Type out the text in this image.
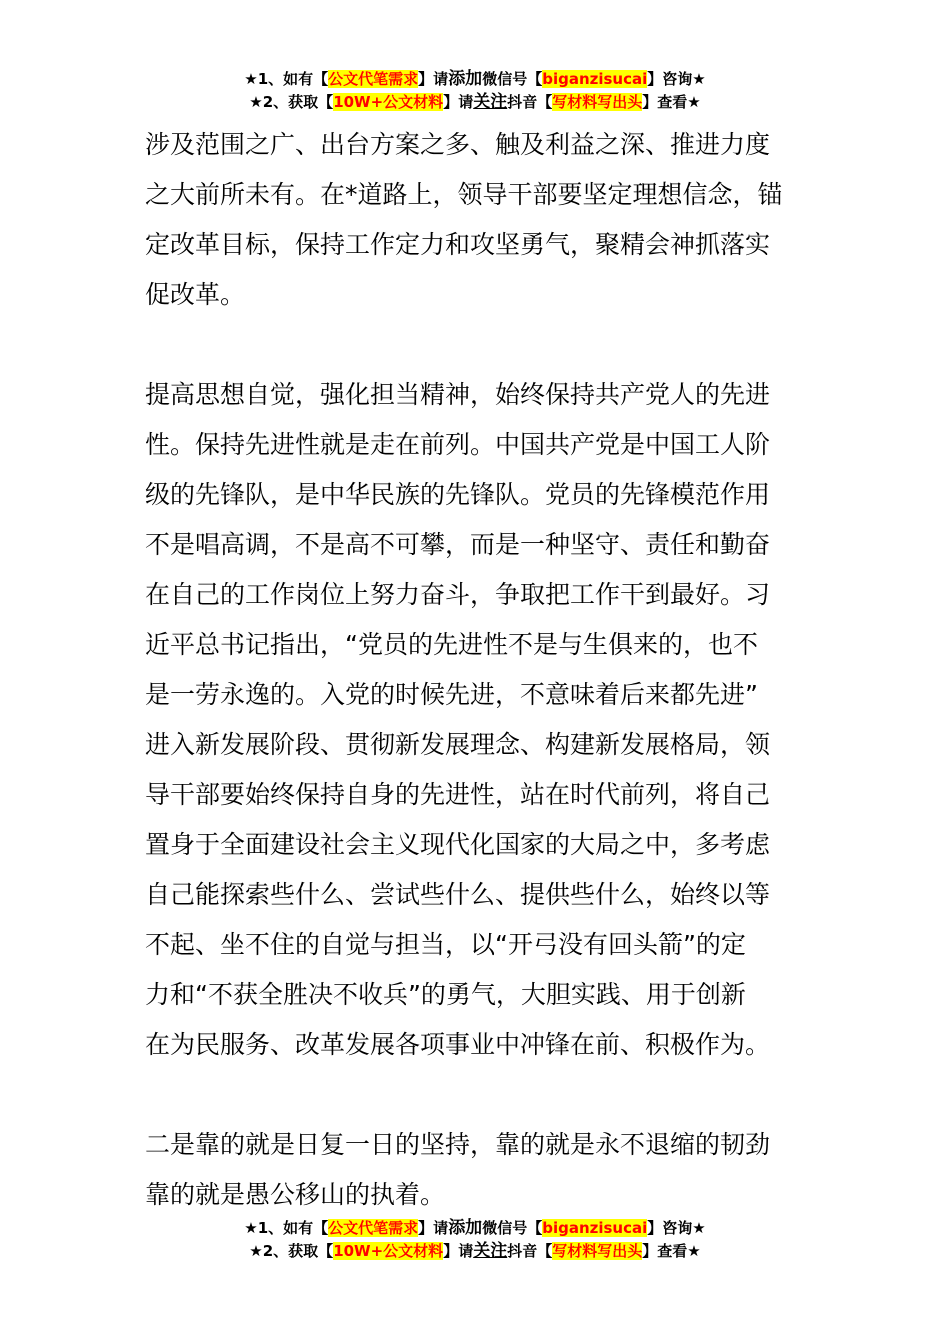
★1、如有【公文代笔需求】请添加微信号【biganzisucai】咨询★
★2、获取【10W+公文材料】请关注抖音【写材料写出头】查看★

涉及范围之广、出台方案之多、触及利益之深、推进力度
之大前所未有。在*道路上，领导干部要坚定理想信念，锚
定改革目标，保持工作定力和攻坚勇气，聚精会神抓落实
促改革。

提高思想自觉，强化担当精神，始终保持共产党人的先进
性。保持先进性就是走在前列。中国共产党是中国工人阶
级的先锋队，是中华民族的先锋队。党员的先锋模范作用
不是唱高调，不是高不可攀，而是一种坚守、责任和勤奋
在自己的工作岗位上努力奋斗，争取把工作干到最好。习
近平总书记指出，“党员的先进性不是与生俱来的，也不
是一劳永逸的。入党的时候先进，不意味着后来都先进”
进入新发展阶段、贯彻新发展理念、构建新发展格局，领
导干部要始终保持自身的先进性，站在时代前列，将自己
置身于全面建设社会主义现代化国家的大局之中，多考虑
自己能探索些什么、尝试些什么、提供些什么，始终以等
不起、坐不住的自觉与担当，以“开弓没有回头箭”的定
力和“不获全胜决不收兵”的勇气，大胆实践、用于创新
在为民服务、改革发展各项事业中冲锋在前、积极作为。

二是靠的就是日复一日的坚持，靠的就是永不退缩的韧劲
靠的就是愚公移山的执着。

★1、如有【公文代笔需求】请添加微信号【biganzisucai】咨询★
★2、获取【10W+公文材料】请关注抖音【写材料写出头】查看★
